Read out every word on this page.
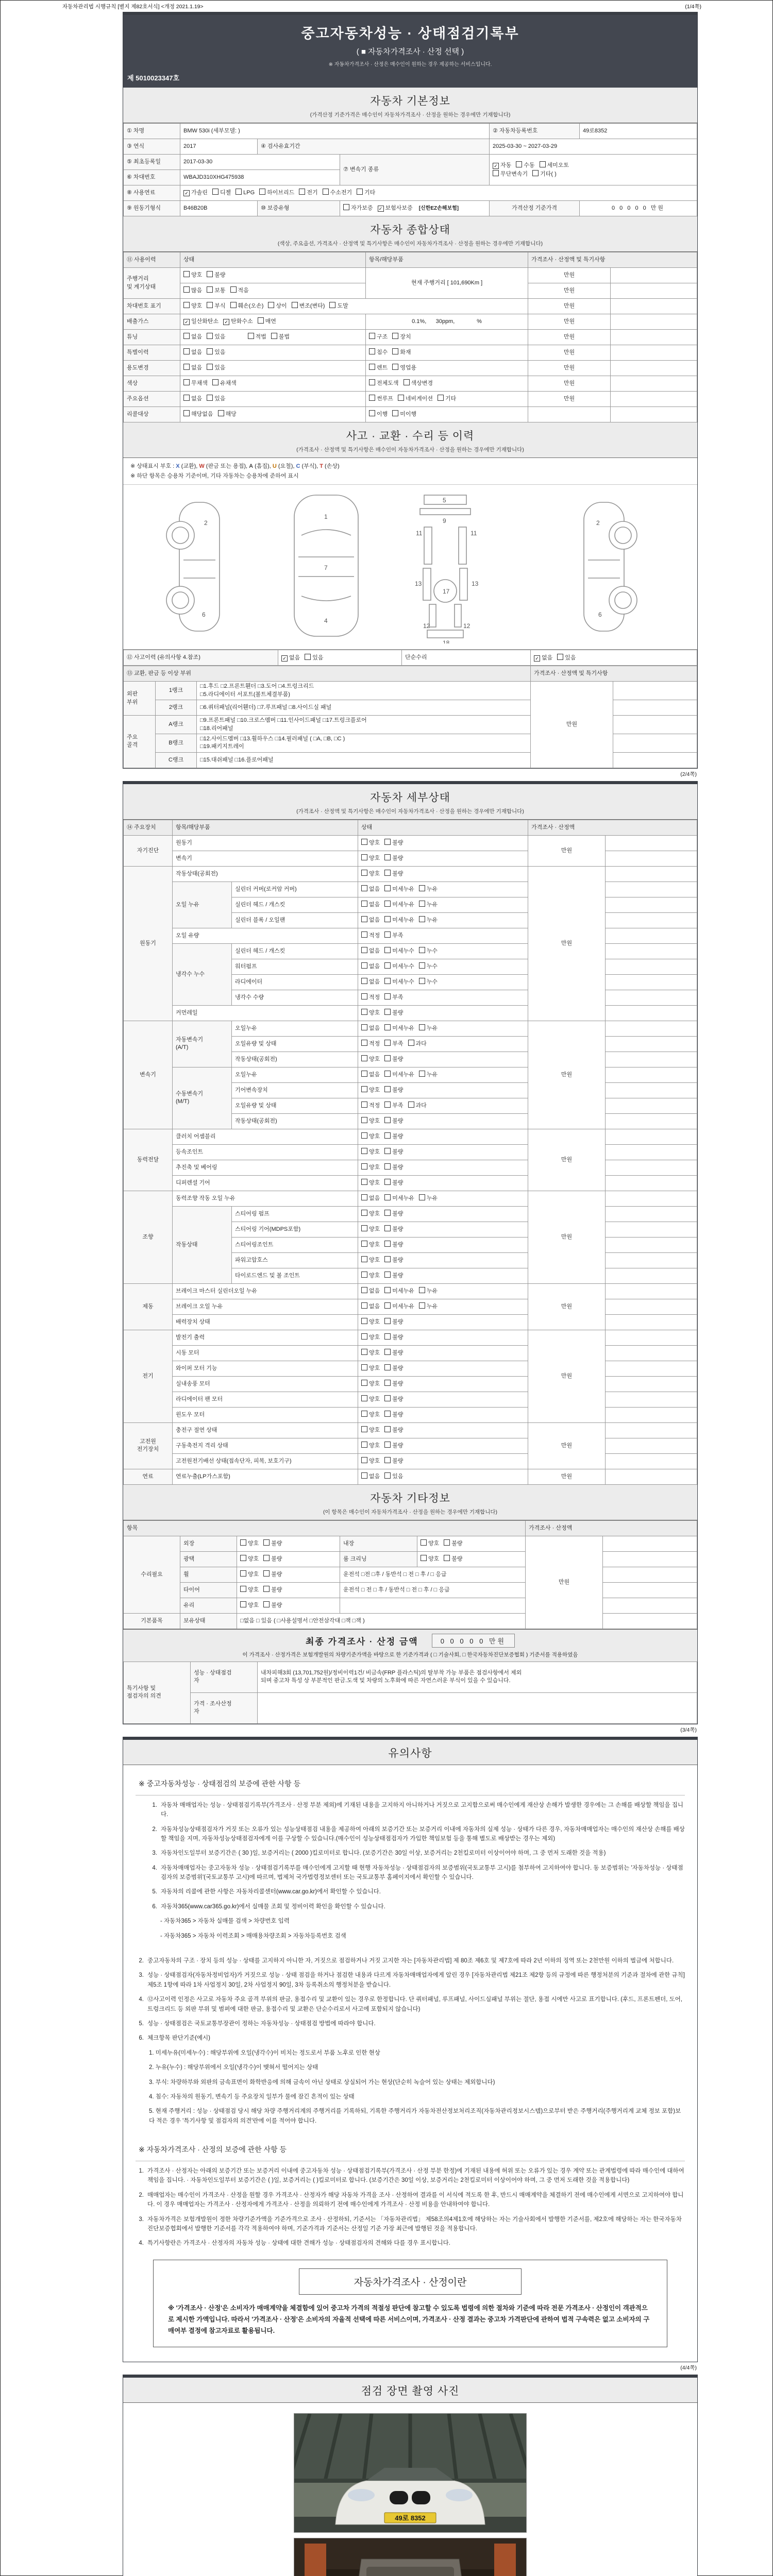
자동차관리법 시행규칙 [별지 제82호서식] <개정 2021.1.19>	(1/4쪽)
중고자동차성능 · 상태점검기록부
( ■ 자동차가격조사 · 산정 선택 )
※ 자동차가격조사 · 산정은 매수인이 원하는 경우 제공하는 서비스입니다.
제 5010023347호
자동차 기본정보
(가격산정 기준가격은 매수인이 자동차가격조사 · 산정을 원하는 경우에만 기재합니다)
① 차명	BMW 530i (세부모델: )			② 자동차등록번호	49로8352
③ 연식	2017	④ 검사유효기간		2025-03-30 ~ 2027-03-29	
⑤ 최초등록일	2017-03-30		⑦ 변속기 종류	✓ 자동 수동 세미오토
무단변속기 기타( )	
⑥ 차대번호	WBAJD310XHG475938				
⑧ 사용연료	✓ 가솔린 디젤 LPG 하이브리드 전기 수소전기 기타				
⑨ 원동기형식	B46B20B	⑩ 보증유형	자가보증 ✓ 보험사보증 [신한EZ손해보험]	가격산정 기준가격	0 0 0 0 0 만원
자동차 종합상태
(색상, 주요옵션, 가격조사 · 산정액 및 특기사항은 매수인이 자동차가격조사 · 산정을 원하는 경우에만 기재합니다)
⑪ 사용이력	상태	항목/해당부품	가격조사 · 산정액 및 특기사항	
주행거리
및 계기상태	양호 불량	현재 주행거리 [ 101,690Km ]	만원	
	많음 보통 적음		만원	
차대번호 표기	양호 부식 훼손(오손) 상이 변조(변타) 도말		만원	
배출가스	✓ 일산화탄소 ✓ 탄화수소 매연	0.1%,      30ppm,              %	만원	
튜닝	없음 있음 적법 불법	구조 장치	만원	
특별이력	없음 있음	침수 화재	만원	
용도변경	없음 있음	렌트 영업용	만원	
색상	무채색 유채색	전체도색 색상변경	만원	
주요옵션	없음 있음	썬루프 네비게이션 기타	만원	
리콜대상	해당없음 해당	이행 미이행		
사고 · 교환 · 수리 등 이력
(가격조사 · 산정액 및 특기사항은 매수인이 자동차가격조사 · 산정을 원하는 경우에만 기재합니다)
※ 상태표시 부호 : X (교환), W (판금 또는 용접), A (흠집), U (요철), C (부식), T (손상)
※ 하단 항목은 승용차 기준이며, 기타 자동차는 승용차에 준하여 표시
2
6
1
7
4
5
9
11	11
13	13
12	12
17
18
2
6
⑫ 사고이력 (유의사항 4.참조)	✓ 없음 있음	단순수리	✓ 없음 있음
⑬ 교환, 판금 등 이상 부위			가격조사 · 산정액 및 특기사항	
외판
부위	1랭크	□1.후드 □2.프론트휀더 □3.도어 □4.트렁크리드
□5.라디에이터 서포트(볼트체결부품)	만원	
	2랭크	□6.쿼터패널(리어휀더) □7.루프패널 □8.사이드실 패널		
주요
골격	A랭크	□9.프론트패널 □10.크로스멤버 □11.인사이드패널 □17.트렁크플로어
□18.리어패널		
	B랭크	□12.사이드멤버 □13.휠하우스 □14.필러패널 ( □A, □B, □C )
□19.패키지트레이		
	C랭크	□15.대쉬패널 □16.플로어패널		
(2/4쪽)
자동차 세부상태
(가격조사 · 산정액 및 특기사항은 매수인이 자동차가격조사 · 산정을 원하는 경우에만 기재합니다)
⑭ 주요장치	항목/해당부품		상태	가격조사 · 산정액	
자기진단	원동기		양호 불량	만원	
	변속기		양호 불량		
원동기	작동상태(공회전)		양호 불량	만원	
	오일 누유	실린더 커버(로커암 커버)	없음 미세누유 누유		
		실린더 헤드 / 개스킷	없음 미세누유 누유		
		실린더 블록 / 오일팬	없음 미세누유 누유		
	오일 유량		적정 부족		
	냉각수 누수	실린더 헤드 / 개스킷	없음 미세누수 누수		
		워터펌프	없음 미세누수 누수		
		라디에이터	없음 미세누수 누수		
		냉각수 수량	적정 부족		
	커먼레일		양호 불량		
변속기	자동변속기
(A/T)	오일누유	없음 미세누유 누유	만원	
		오일유량 및 상태	적정 부족 과다		
		작동상태(공회전)	양호 불량		
	수동변속기
(M/T)	오일누유	없음 미세누유 누유		
		기어변속장치	양호 불량		
		오일유량 및 상태	적정 부족 과다		
		작동상태(공회전)	양호 불량		
동력전달	클러치 어셈블리		양호 불량	만원	
	등속조인트		양호 불량		
	추진축 및 베어링		양호 불량		
	디퍼렌셜 기어		양호 불량		
조향	동력조향 작동 오일 누유		없음 미세누유 누유	만원	
	작동상태	스티어링 펌프	양호 불량		
		스티어링 기어(MDPS포함)	양호 불량		
		스티어링조인트	양호 불량		
		파워고압호스	양호 불량		
		타이로드엔드 및 볼 조인트	양호 불량		
제동	브레이크 마스터 실린더오일 누유		없음 미세누유 누유	만원	
	브레이크 오일 누유		없음 미세누유 누유		
	배력장치 상태		양호 불량		
전기	발전기 출력		양호 불량	만원	
	시동 모터		양호 불량		
	와이퍼 모터 기능		양호 불량		
	실내송풍 모터		양호 불량		
	라디에이터 팬 모터		양호 불량		
	윈도우 모터		양호 불량		
고전원
전기장치	충전구 절연 상태		양호 불량	만원	
	구동축전지 격리 상태		양호 불량		
	고전원전기배선 상태(접속단자, 피복, 보호기구)		양호 불량		
연료	연료누출(LP가스포함)		없음 있음	만원	
자동차 기타정보
(이 항목은 매수인이 자동차가격조사 · 산정을 원하는 경우에만 기재합니다)
항목					가격조사 · 산정액	
수리필요	외장	양호 불량	내장	양호 불량	만원	
	광택	양호 불량	룸 크리닝	양호 불량		
	휠	양호 불량	운전석 □전 □후 / 동반석 □ 전 □ 후 / □ 응급			
	타이어	양호 불량	운전석 □ 전 □ 후 / 동반석 □ 전 □ 후 / □ 응급			
	유리	양호 불량				
기본품목	보유상태	□없음 □ 있음 ( □사용설명서 □안전삼각대 □잭 □잭 )				
최종 가격조사 · 산정 금액	0 0 0 0 0 만원
이 가격조사 · 산정가격은 보험개발원의 차량기준가액을 바탕으로 한 기준가격과 ( □ 기술사회, □ 한국자동차진단보증협회 ) 기준서를 적용하였음
특기사항 및
점검자의 의견	성능 · 상태점검
자	내차피해3회 (13,701,752원)/정비이력1건/ 비금속(FRP 플라스틱)의 탈부착 가능 부품은 점검사항에서 제외
되며 중고차 특성 상 부분적인 판금.도색 및 차량의 노후화에 따른 자연스러운 부식이 있을 수 있습니다.
	가격 · 조사산정
자	
(3/4쪽)
유의사항
※ 중고자동차성능 · 상태점검의 보증에 관한 사항 등
1. 자동차 매매업자는 성능 · 상태점검기록부(가격조사 · 산정 부분 제외)에 기재된 내용을 고지하지 아니하거나 거짓으로 고지함으로써 매수인에게 재산상 손해가 발생한 경우에는 그 손해를 배상할 책임을 집니다.
2. 자동차성능상태점검자가 거짓 또는 오류가 있는 성능상태점검 내용을 제공하여 아래의 보증기간 또는 보증거리 이내에 자동차의 실제 성능 · 상태가 다른 경우, 자동차매매업자는 매수인의 재산상 손해를 배상할 책임을 지며, 자동차성능상태점검자에게 이를 구상할 수 있습니다.(매수인이 성능상태점검자가 가입한 책임보험 등을 통해 별도로 배상받는 경우는 제외)
3. 자동차인도일부터 보증기간은 ( 30 )일, 보증거리는 ( 2000 )킬로미터로 합니다. (보증기간은 30일 이상, 보증거리는 2천킬로미터 이상이어야 하며, 그 중 먼저 도래한 것을 적용)
4. 자동차매매업자는 중고자동차 성능 · 상태점검기록부를 매수인에게 고지할 때 현행 자동차성능 · 상태점검자의 보증범위(국토교통부 고시)를 첨부하여 고지하여야 합니다. 동 보증범위는 '자동차성능 · 상태점검자의 보증범위'(국토교통부 고시)에 따르며, 법제처 국가법령정보센터 또는 국토교통부 홈페이지에서 확인할 수 있습니다.
5. 자동차의 리콜에 관한 사항은 자동차리콜센터(www.car.go.kr)에서 확인할 수 있습니다.
6. 자동차365(www.car365.go.kr)에서 실매물 조회 및 정비이력 확인을 확인할 수 있습니다.
- 자동차365 > 자동차 실매물 검색 > 차량번호 입력
- 자동차365 > 자동차 이력조회 > 매매용차량조회 > 자동차등록번호 검색
2. 중고자동차의 구조 · 장치 등의 성능 · 상태를 고지하지 아니한 자, 거짓으로 점검하거나 거짓 고지한 자는 [자동차관리법] 제 80조 제6호 및 제7호에 따라 2년 이하의 징역 또는 2천만원 이하의 벌금에 처합니다.
3. 성능 · 상태점검자(자동차정비업자)가 거짓으로 성능 · 상태 점검을 하거나 점검한 내용과 다르게 자동차매매업자에게 알린 경우 [자동차관리법 제21조 제2항 등의 규정에 따른 행정처분의 기준과 절차에 관한 규칙] 제5조 1항에 따라 1차 사업정지 30일, 2차 사업정지 90일, 3차 등록취소의 행정처분을 받습니다.
4. ⑫사고이력 인정은 사고로 자동차 주요 골격 부위의 판금, 용접수리 및 교환이 있는 경우로 한정합니다. 단 쿼터패널, 루프패널, 사이드실패널 부위는 절단, 용접 시에만 사고로 표기합니다. (후드, 프론트펜더, 도어, 트렁크리드 등 외판 부위 및 범퍼에 대한 판금, 용접수리 및 교환은 단순수리로서 사고에 포함되지 않습니다)
5. 성능 · 상태점검은 국토교통부장관이 정하는 자동차성능 · 상태점검 방법에 따라야 합니다.
6. 체크항목 판단기준(예시)
1. 미세누유(미세누수) : 해당부위에 오일(냉각수)이 비치는 정도로서 부품 노후로 인한 현상
2. 누유(누수) : 해당부위에서 오일(냉각수)이 맺혀서 떨어지는 상태
3. 부식: 차량하부와 외판의 금속표면이 화학반응에 의해 금속이 아닌 상태로 상실되어 가는 현상(단순히 녹슬어 있는 상태는 제외합니다)
4. 침수: 자동차의 원동기, 변속기 등 주요장치 일부가 물에 잠긴 흔적이 있는 상태
5. 현재 주행거리 : 성능 · 상태점검 당시 해당 차량 주행거리계의 주행거리를 기록하되, 기록한 주행거리가 자동차전산정보처리조직(자동차관리정보시스템)으로부터 받은 주행거리(주행거리계 교체 정보 포함)보다 적은 경우 '특기사항 및 점검자의 의견'란에 이를 적어야 합니다.
※ 자동차가격조사 · 산정의 보증에 관한 사항 등
1. 가격조사 · 산정자는 아래의 보증기간 또는 보증거리 이내에 중고자동차 성능 · 상태점검기록부(가격조사 · 산정 부분 한정)에 기재된 내용에 허위 또는 오류가 있는 경우 계약 또는 관계법령에 따라 매수인에 대하여 책임을 집니다. · 자동차인도일부터 보증기간은 ( )일, 보증거리는 ( )킬로미터로 합니다. (보증기간은 30일 이상, 보증거리는 2천킬로미터 이상이어야 하며, 그 중 먼저 도래한 것을 적용합니다)
2. 매매업자는 매수인이 가격조사 · 산정을 원할 경우 가격조사 · 산정자가 해당 자동차 가격을 조사 · 산정하여 결과를 이 서식에 적도록 한 후, 반드시 매매계약을 체결하기 전에 매수인에게 서면으로 고지하여야 합니다. 이 경우 매매업자는 가격조사 · 산정자에게 가격조사 · 산정을 의뢰하기 전에 매수인에게 가격조사 · 산정 비용을 안내하여야 합니다.
3. 자동차가격은 보험개발원이 정한 차량기준가액을 기준가격으로 조사 · 산정하되, 기준서는 「자동차관리법」 제58조의4제1호에 해당하는 자는 기술사회에서 발행한 기준서를, 제2호에 해당하는 자는 한국자동차진단보증협회에서 발행한 기준서를 각각 적용하여야 하며, 기준가격과 기준서는 산정일 기준 가장 최근에 발행된 것을 적용합니다.
4. 특기사항란은 가격조사 · 산정자의 자동차 성능 · 상태에 대한 견해가 성능 · 상태점검자의 견해와 다를 경우 표시합니다.
자동차가격조사 · 산정이란
※ '가격조사 · 산정'은 소비자가 매매계약을 체결함에 있어 중고차 가격의 적절성 판단에 참고할 수 있도록 법령에 의한 절차와 기준에 따라 전문 가격조사 · 산정인이 객관적으로 제시한 가액입니다. 따라서 '가격조사 · 산정'은 소비자의 자율적 선택에 따른 서비스이며, 가격조사 · 산정 결과는 중고차 가격판단에 관하여 법적 구속력은 없고 소비자의 구매여부 결정에 참고자료로 활용됩니다.
(4/4쪽)
점검 장면 촬영 사진
49로 8352
